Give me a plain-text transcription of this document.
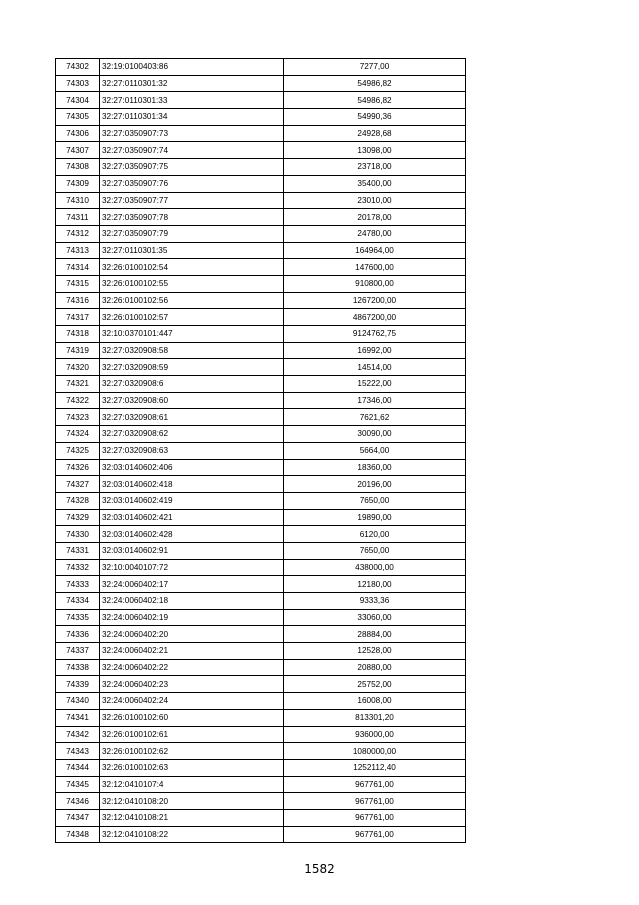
74302	32:19:0100403:86	7277,00
74303	32:27:0110301:32	54986,82
74304	32:27:0110301:33	54986,82
74305	32:27:0110301:34	54990,36
74306	32:27:0350907:73	24928,68
74307	32:27:0350907:74	13098,00
74308	32:27:0350907:75	23718,00
74309	32:27:0350907:76	35400,00
74310	32:27:0350907:77	23010,00
74311	32:27:0350907:78	20178,00
74312	32:27:0350907:79	24780,00
74313	32:27:0110301:35	164964,00
74314	32:26:0100102:54	147600,00
74315	32:26:0100102:55	910800,00
74316	32:26:0100102:56	1267200,00
74317	32:26:0100102:57	4867200,00
74318	32:10:0370101:447	9124762,75
74319	32:27:0320908:58	16992,00
74320	32:27:0320908:59	14514,00
74321	32:27:0320908:6	15222,00
74322	32:27:0320908:60	17346,00
74323	32:27:0320908:61	7621,62
74324	32:27:0320908:62	30090,00
74325	32:27:0320908:63	5664,00
74326	32:03:0140602:406	18360,00
74327	32:03:0140602:418	20196,00
74328	32:03:0140602:419	7650,00
74329	32:03:0140602:421	19890,00
74330	32:03:0140602:428	6120,00
74331	32:03:0140602:91	7650,00
74332	32:10:0040107:72	438000,00
74333	32:24:0060402:17	12180,00
74334	32:24:0060402:18	9333,36
74335	32:24:0060402:19	33060,00
74336	32:24:0060402:20	28884,00
74337	32:24:0060402:21	12528,00
74338	32:24:0060402:22	20880,00
74339	32:24:0060402:23	25752,00
74340	32:24:0060402:24	16008,00
74341	32:26:0100102:60	813301,20
74342	32:26:0100102:61	936000,00
74343	32:26:0100102:62	1080000,00
74344	32:26:0100102:63	1252112,40
74345	32:12:0410107:4	967761,00
74346	32:12:0410108:20	967761,00
74347	32:12:0410108:21	967761,00
74348	32:12:0410108:22	967761,00
1582
